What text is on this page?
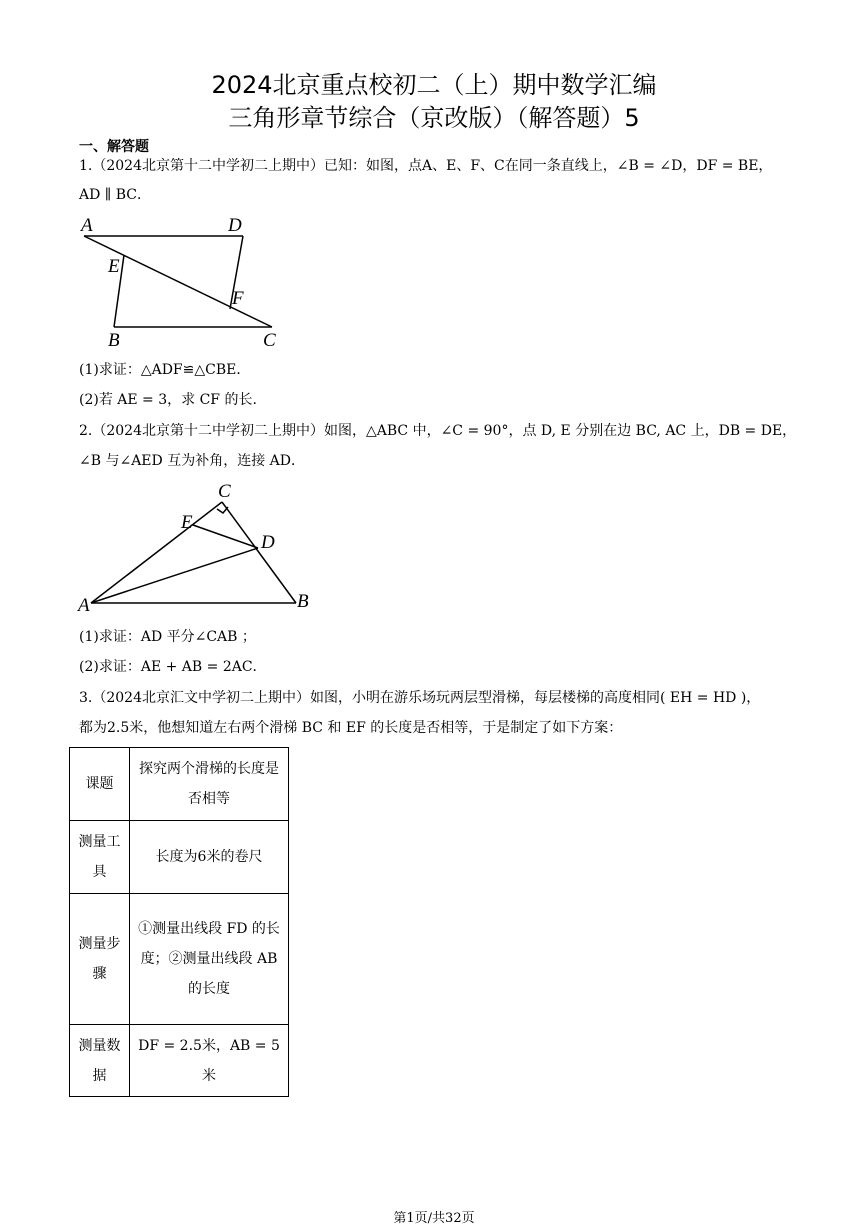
2024北京重点校初二（上）期中数学汇编
三角形章节综合（京改版）（解答题）5
一、解答题
1.（2024北京第十二中学初二上期中）已知：如图，点A、E、F、C在同一条直线上，∠B = ∠D，DF = BE，
AD ∥ BC．
A	D
E
F
B	C
(1)求证：△ADF≌△CBE．
(2)若 AE = 3，求 CF 的长.
2.（2024北京第十二中学初二上期中）如图，△ABC 中，∠C = 90°，点 D, E 分别在边 BC, AC 上，DB = DE，
∠B 与∠AED 互为补角，连接 AD．
C
E
D
A	B
(1)求证：AD 平分∠CAB ；
(2)求证：AE + AB = 2AC．
3.（2024北京汇文中学初二上期中）如图，小明在游乐场玩两层型滑梯，每层楼梯的高度相同( EH = HD )，
都为2.5米，他想知道左右两个滑梯 BC 和 EF 的长度是否相等，于是制定了如下方案：
课题	探究两个滑梯的长度是否相等
测量工具	长度为6米的卷尺
测量步骤	①测量出线段 FD 的长度；②测量出线段 AB 的长度
测量数据	DF = 2.5米，AB = 5米
第1页/共32页
